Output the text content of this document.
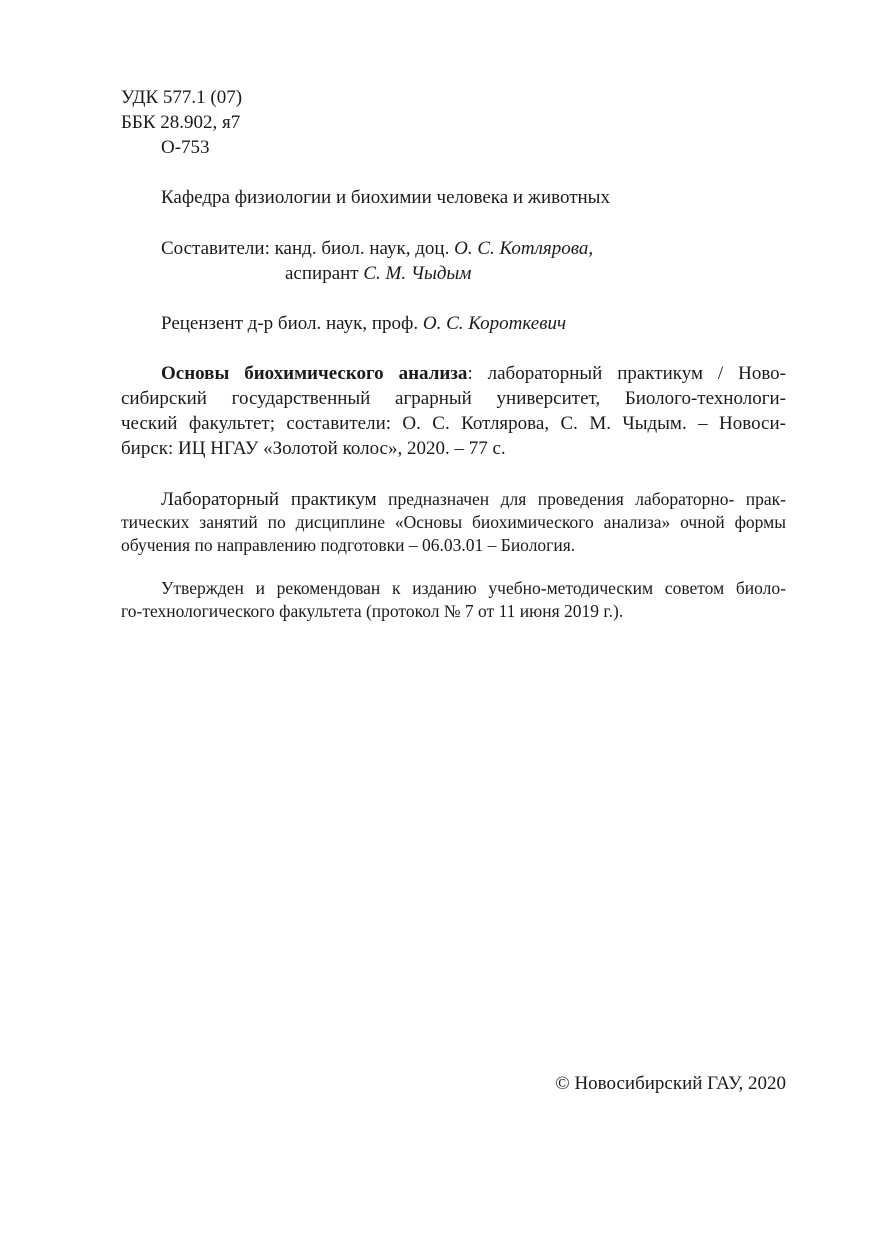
УДК 577.1 (07)
ББК 28.902, я7
О-753
Кафедра физиологии и биохимии человека и животных
Составители: канд. биол. наук, доц. О. С. Котлярова,
аспирант С. М. Чыдым
Рецензент д-р биол. наук, проф. О. С. Короткевич
Основы биохимического анализа: лабораторный практикум / Ново-
сибирский государственный аграрный университет, Биолого-технологи-
ческий факультет; составители: О. С. Котлярова, С. М. Чыдым. – Новоси-
бирск: ИЦ НГАУ «Золотой колос», 2020. – 77 с.
Лабораторный практикум предназначен для проведения лабораторно- прак-
тических занятий по дисциплине «Основы биохимического анализа» очной формы
обучения по направлению подготовки – 06.03.01 – Биология.
Утвержден и рекомендован к изданию учебно-методическим советом биоло-
го-технологического факультета (протокол № 7 от 11 июня 2019 г.).
© Новосибирский ГАУ, 2020
